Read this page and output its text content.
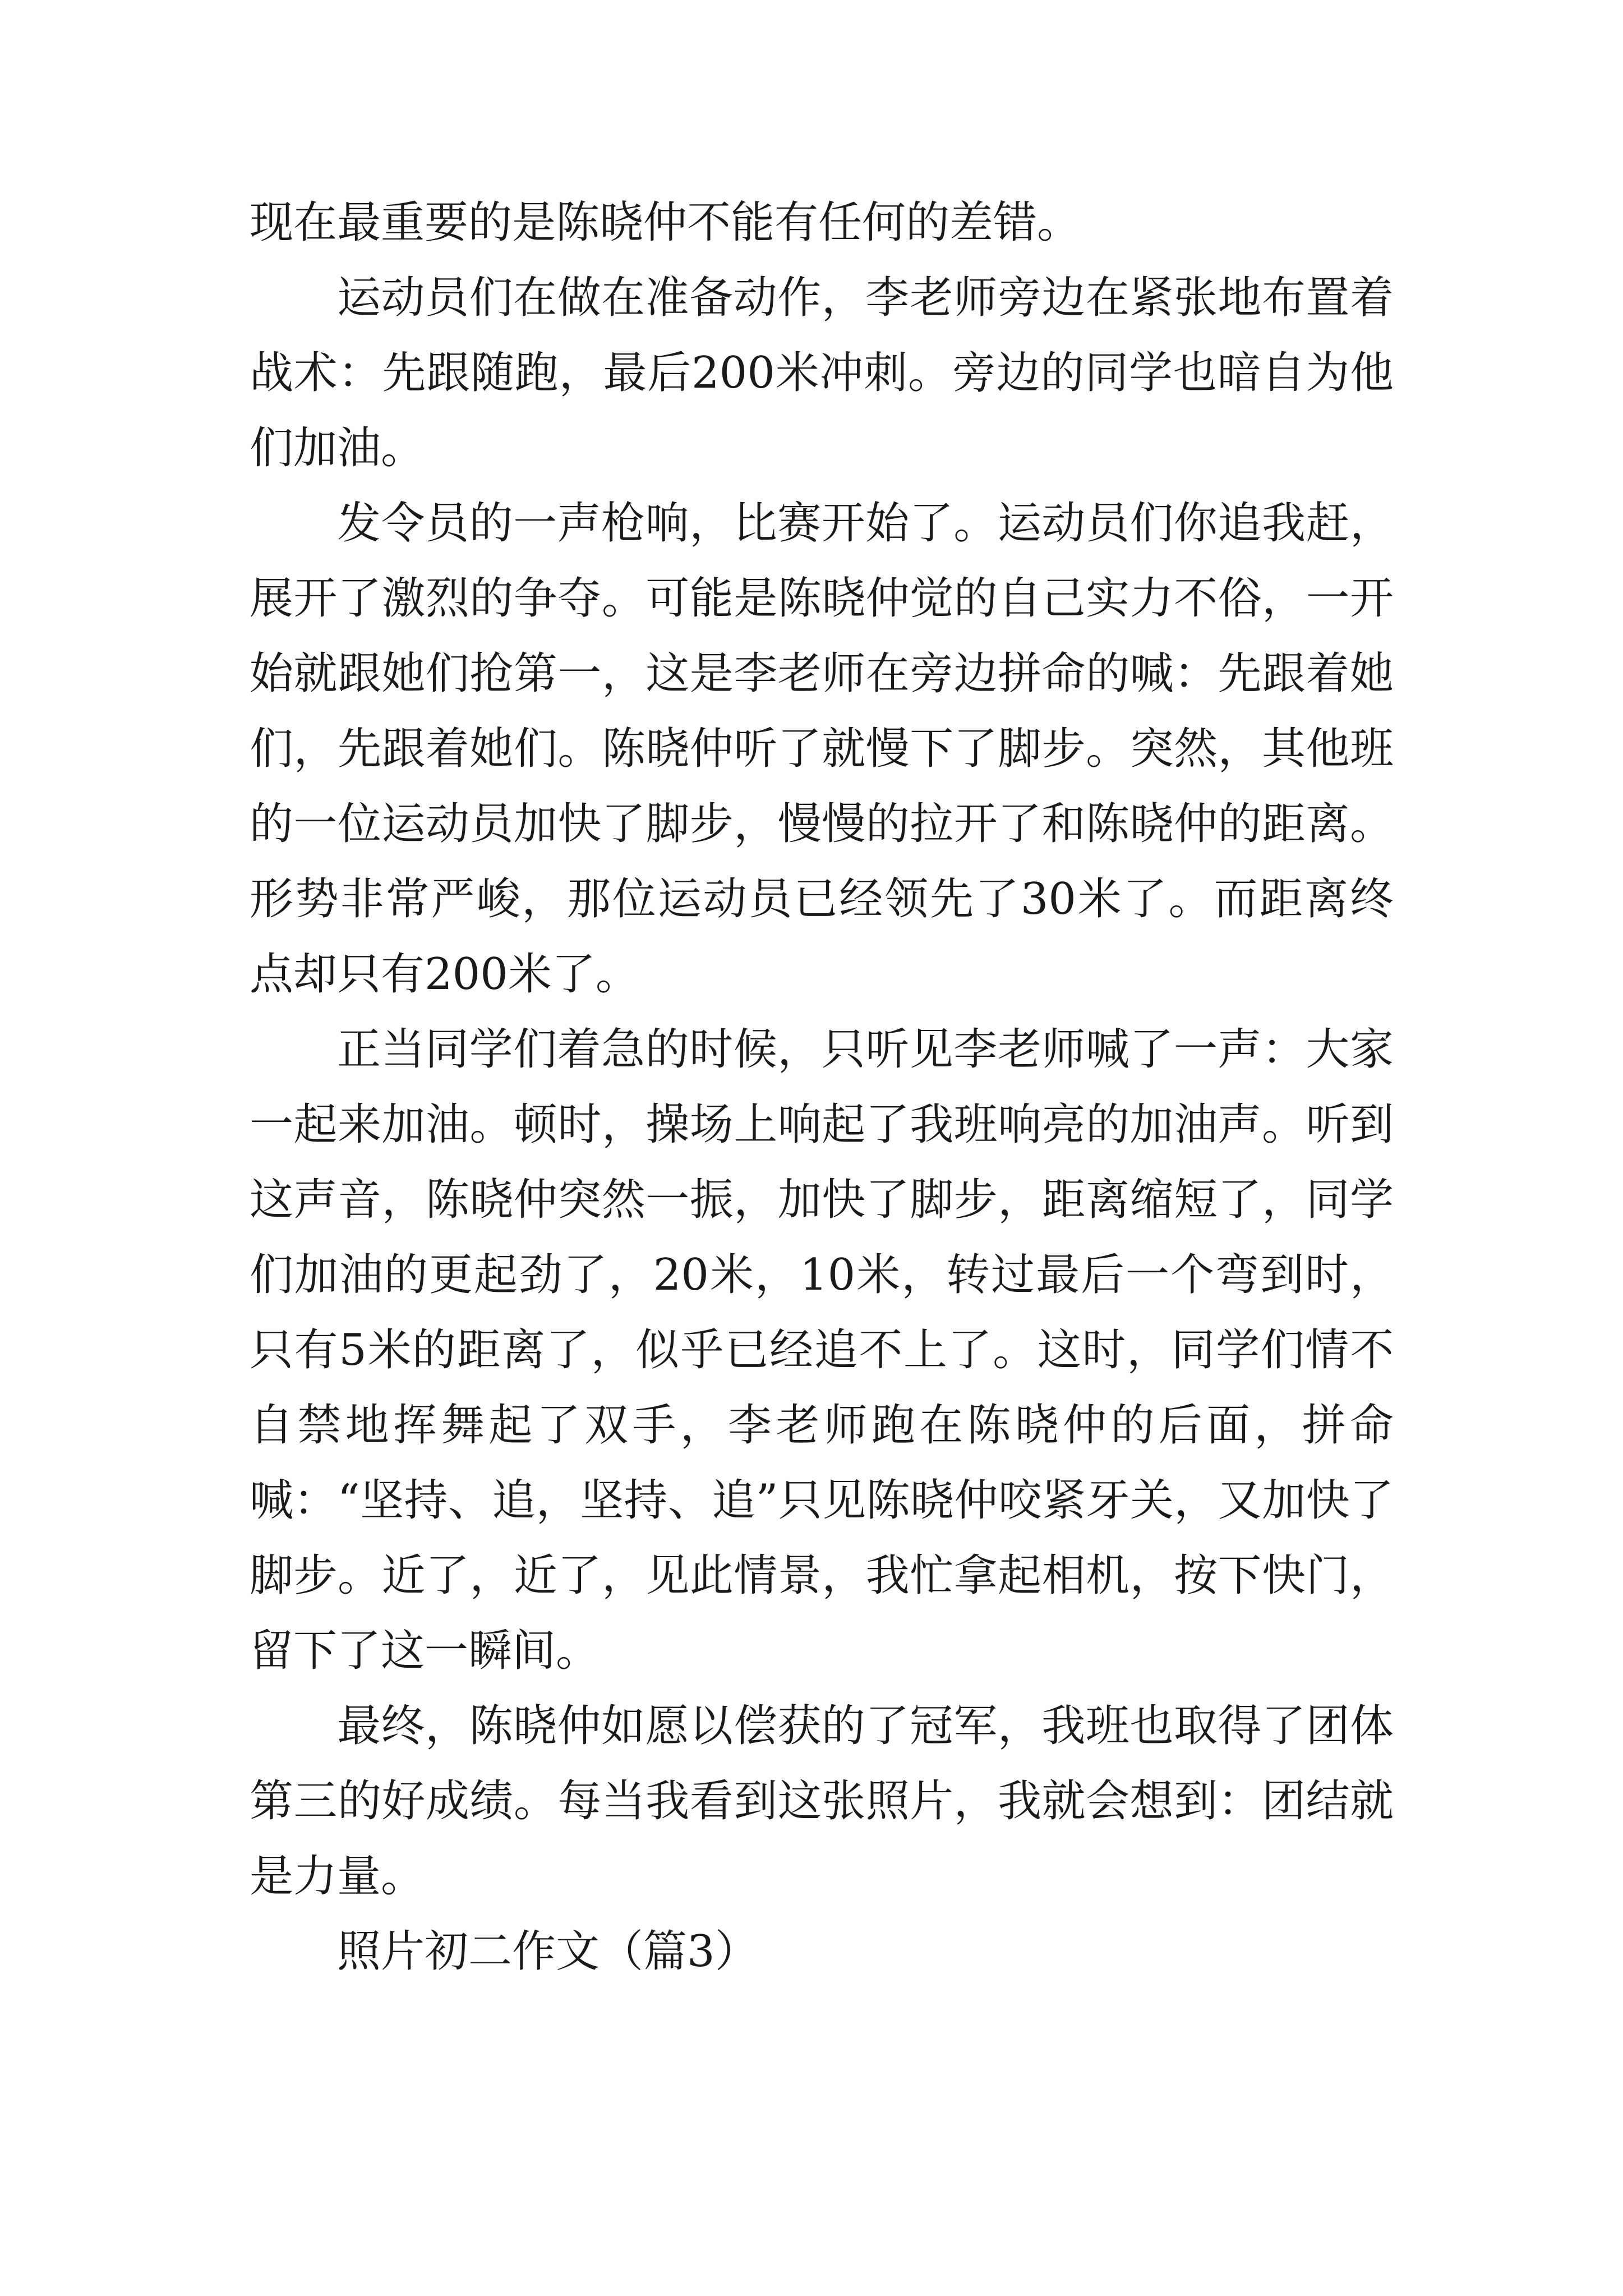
现在最重要的是陈晓仲不能有任何的差错。

运动员们在做在准备动作，李老师旁边在紧张地布置着战术：先跟随跑，最后200米冲刺。旁边的同学也暗自为他们加油。

发令员的一声枪响，比赛开始了。运动员们你追我赶，展开了激烈的争夺。可能是陈晓仲觉的自己实力不俗，一开始就跟她们抢第一，这是李老师在旁边拼命的喊：先跟着她们，先跟着她们。陈晓仲听了就慢下了脚步。突然，其他班的一位运动员加快了脚步，慢慢的拉开了和陈晓仲的距离。形势非常严峻，那位运动员已经领先了30米了。而距离终点却只有200米了。

正当同学们着急的时候，只听见李老师喊了一声：大家一起来加油。顿时，操场上响起了我班响亮的加油声。听到这声音，陈晓仲突然一振，加快了脚步，距离缩短了，同学们加油的更起劲了，20米，10米，转过最后一个弯到时，只有5米的距离了，似乎已经追不上了。这时，同学们情不自禁地挥舞起了双手，李老师跑在陈晓仲的后面，拼命喊：“坚持、追，坚持、追”只见陈晓仲咬紧牙关，又加快了脚步。近了，近了，见此情景，我忙拿起相机，按下快门，留下了这一瞬间。

最终，陈晓仲如愿以偿获的了冠军，我班也取得了团体第三的好成绩。每当我看到这张照片，我就会想到：团结就是力量。

照片初二作文（篇3）
